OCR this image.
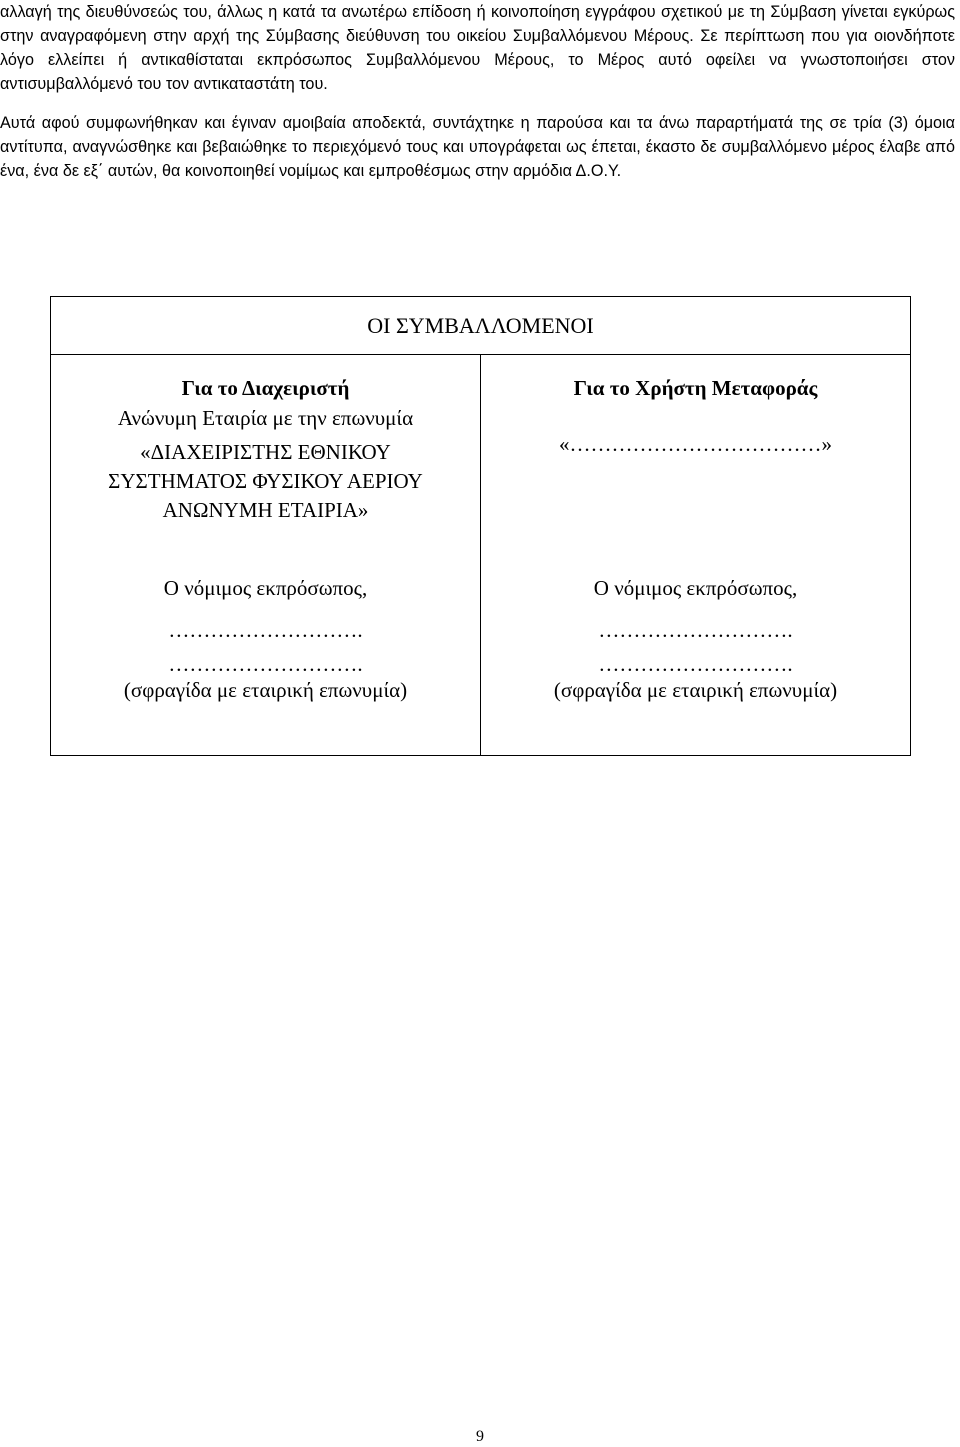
αλλαγή της διευθύνσεώς του, άλλως η κατά τα ανωτέρω επίδοση ή κοινοποίηση εγγράφου σχετικού με τη Σύμβαση γίνεται εγκύρως στην αναγραφόμενη στην αρχή της Σύμβασης διεύθυνση του οικείου Συμβαλλόμενου Μέρους. Σε περίπτωση που για οιονδήποτε λόγο ελλείπει ή αντικαθίσταται εκπρόσωπος Συμβαλλόμενου Μέρους, το Μέρος αυτό οφείλει να γνωστοποιήσει στον αντισυμβαλλόμενό του τον αντικαταστάτη του.

Αυτά αφού συμφωνήθηκαν και έγιναν αμοιβαία αποδεκτά, συντάχτηκε η παρούσα και τα άνω παραρτήματά της σε τρία (3) όμοια αντίτυπα, αναγνώσθηκε και βεβαιώθηκε το περιεχόμενό τους και υπογράφεται ως έπεται, έκαστο δε συμβαλλόμενο μέρος έλαβε από ένα, ένα δε εξ΄ αυτών, θα κοινοποιηθεί νομίμως και εμπροθέσμως στην αρμόδια Δ.Ο.Υ.

ΟΙ ΣΥΜΒΑΛΛΟΜΕΝΟΙ
Για το Διαχειριστή
Ανώνυμη Εταιρία με την επωνυμία
«ΔΙΑΧΕΙΡΙΣΤΗΣ ΕΘΝΙΚΟΥ
ΣΥΣΤΗΜΑΤΟΣ ΦΥΣΙΚΟΥ ΑΕΡΙΟΥ
ΑΝΩΝΥΜΗ ΕΤΑΙΡΙΑ»
Ο νόμιμος εκπρόσωπος,
……………………….
……………………….
(σφραγίδα με εταιρική επωνυμία)
Για το Χρήστη Μεταφοράς
«………………………………»
Ο νόμιμος εκπρόσωπος,
……………………….
……………………….
(σφραγίδα με εταιρική επωνυμία)
9
